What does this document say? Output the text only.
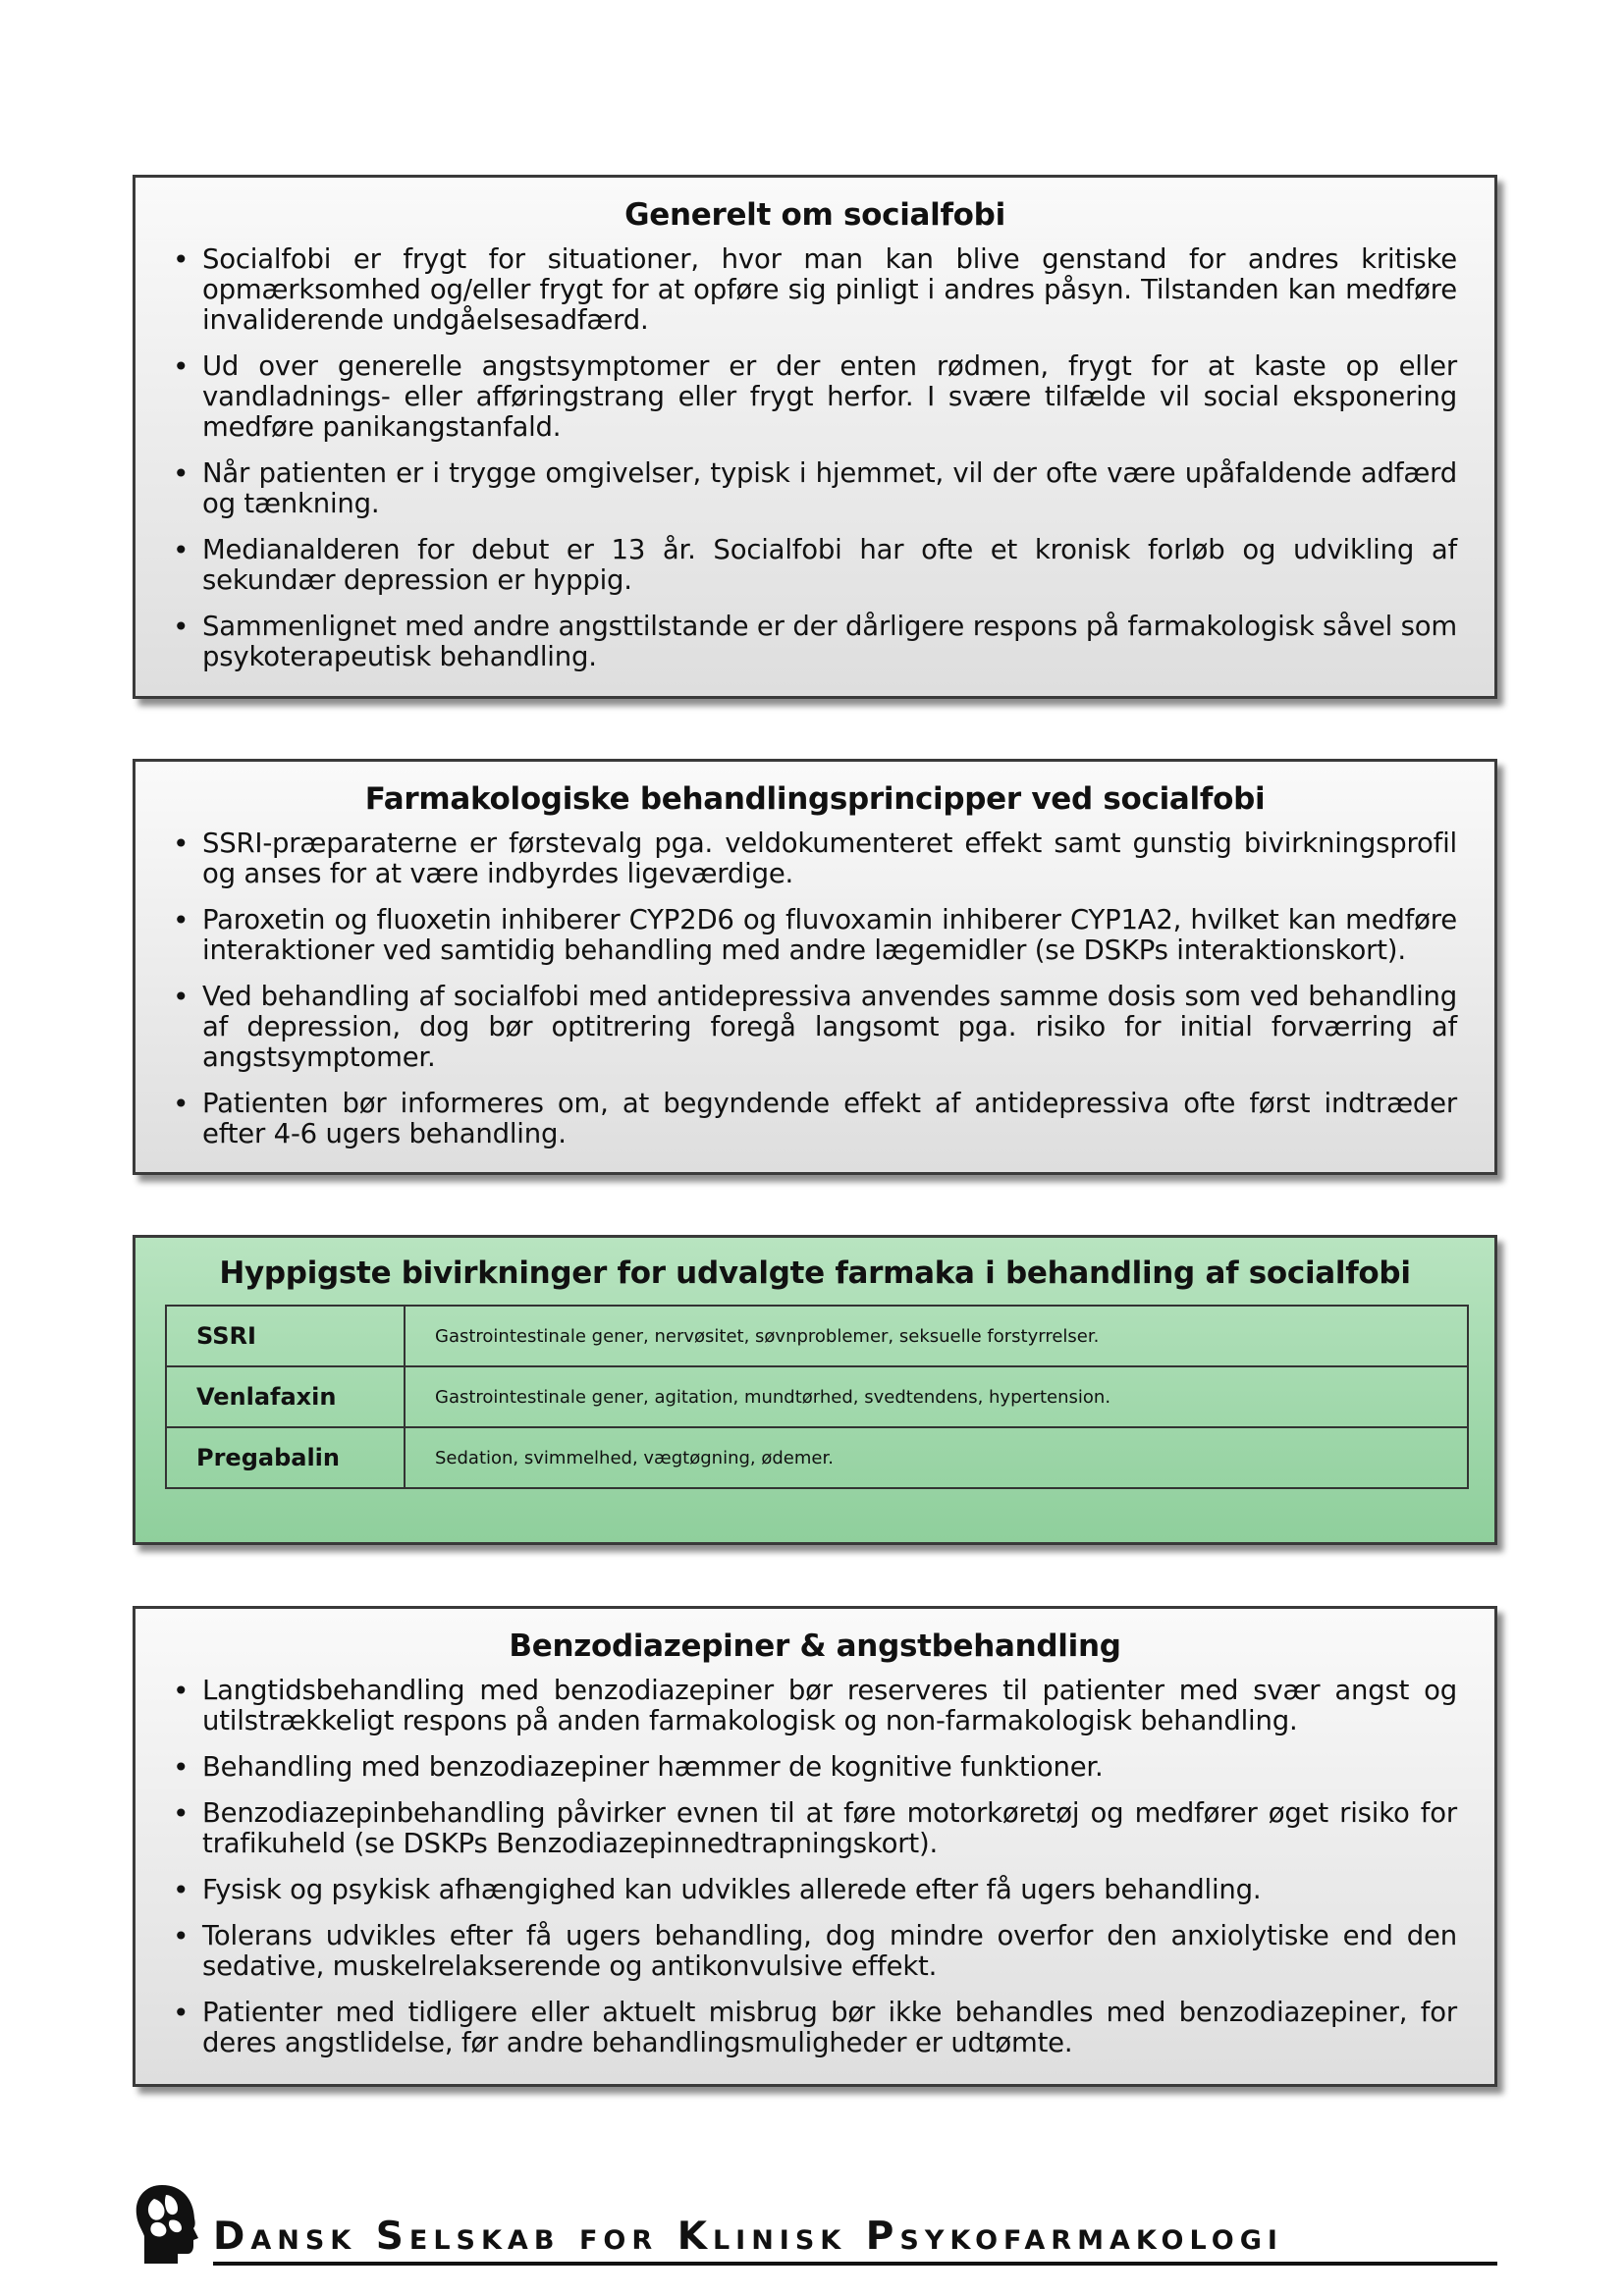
Generelt om socialfobi
• Socialfobi er frygt for situationer, hvor man kan blive genstand for andres kritiske opmærksomhed og/eller frygt for at opføre sig pinligt i andres påsyn. Tilstanden kan medføre invaliderende undgåelsesadfærd.
• Ud over generelle angstsymptomer er der enten rødmen, frygt for at kaste op eller vandladnings- eller afføringstrang eller frygt herfor. I svære tilfælde vil social eksponering medføre panikangstanfald.
• Når patienten er i trygge omgivelser, typisk i hjemmet, vil der ofte være upåfaldende adfærd og tænkning.
• Medianalderen for debut er 13 år. Socialfobi har ofte et kronisk forløb og udvikling af sekundær depression er hyppig.
• Sammenlignet med andre angsttilstande er der dårligere respons på farmakologisk såvel som psykoterapeutisk behandling.
Farmakologiske behandlingsprincipper ved socialfobi
• SSRI-præparaterne er førstevalg pga. veldokumenteret effekt samt gunstig bivirkningsprofil og anses for at være indbyrdes ligeværdige.
• Paroxetin og fluoxetin inhiberer CYP2D6 og fluvoxamin inhiberer CYP1A2, hvilket kan medføre interaktioner ved samtidig behandling med andre lægemidler (se DSKPs interaktionskort).
• Ved behandling af socialfobi med antidepressiva anvendes samme dosis som ved behandling af depression, dog bør optitrering foregå langsomt pga. risiko for initial forværring af angstsymptomer.
• Patienten bør informeres om, at begyndende effekt af antidepressiva ofte først indtræder efter 4-6 ugers behandling.
Hyppigste bivirkninger for udvalgte farmaka i behandling af socialfobi
SSRI	Gastrointestinale gener, nervøsitet, søvnproblemer, seksuelle forstyrrelser.
Venlafaxin	Gastrointestinale gener, agitation, mundtørhed, svedtendens, hypertension.
Pregabalin	Sedation, svimmelhed, vægtøgning, ødemer.
Benzodiazepiner & angstbehandling
• Langtidsbehandling med benzodiazepiner bør reserveres til patienter med svær angst og utilstrækkeligt respons på anden farmakologisk og non-farmakologisk behandling.
• Behandling med benzodiazepiner hæmmer de kognitive funktioner.
• Benzodiazepinbehandling påvirker evnen til at føre motorkøretøj og medfører øget risiko for trafikuheld (se DSKPs Benzodiazepinnedtrapningskort).
• Fysisk og psykisk afhængighed kan udvikles allerede efter få ugers behandling.
• Tolerans udvikles efter få ugers behandling, dog mindre overfor den anxiolytiske end den sedative, muskelrelakserende og antikonvulsive effekt.
• Patienter med tidligere eller aktuelt misbrug bør ikke behandles med benzodiazepiner, for deres angstlidelse, før andre behandlingsmuligheder er udtømte.
Dansk Selskab for Klinisk Psykofarmakologi
